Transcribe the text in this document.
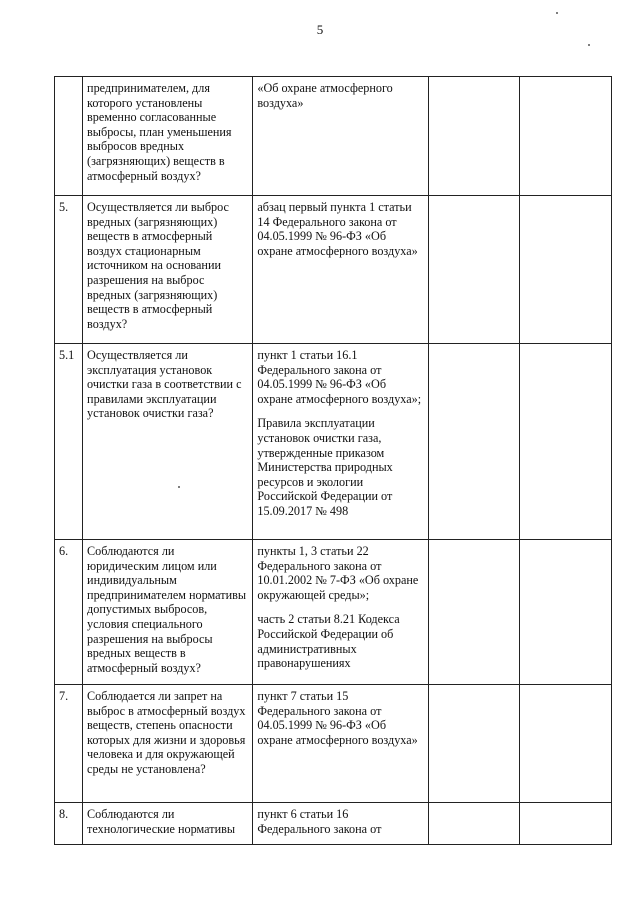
5
	предпринимателем, для которого установлены временно согласованные выбросы, план уменьшения выбросов вредных (загрязняющих) веществ в атмосферный воздух?	«Об охране атмосферного воздуха»		

5.	Осуществляется ли выброс вредных (загрязняющих) веществ в атмосферный воздух стационарным источником на основании разрешения на выброс вредных (загрязняющих) веществ в атмосферный воздух?	абзац первый пункта 1 статьи 14 Федерального закона от 04.05.1999 № 96-ФЗ «Об охране атмосферного воздуха»		

5.1	Осуществляется ли эксплуатация установок очистки газа в соответствии с правилами эксплуатации установок очистки газа?	пункт 1 статьи 16.1 Федерального закона от 04.05.1999 № 96-ФЗ «Об охране атмосферного воздуха»;
Правила эксплуатации установок очистки газа, утвержденные приказом Министерства природных ресурсов и экологии Российской Федерации от 15.09.2017 № 498		

6.	Соблюдаются ли юридическим лицом или индивидуальным предпринимателем нормативы допустимых выбросов, условия специального разрешения на выбросы вредных веществ в атмосферный воздух?	пункты 1, 3 статьи 22 Федерального закона от 10.01.2002 № 7-ФЗ «Об охране окружающей среды»;
часть 2 статьи 8.21 Кодекса Российской Федерации об административных правонарушениях		

7.	Соблюдается ли запрет на выброс в атмосферный воздух веществ, степень опасности которых для жизни и здоровья человека и для окружающей среды не установлена?	пункт 7 статьи 15 Федерального закона от 04.05.1999 № 96-ФЗ «Об охране атмосферного воздуха»		

8.	Соблюдаются ли технологические нормативы	пункт 6 статьи 16 Федерального закона от		
